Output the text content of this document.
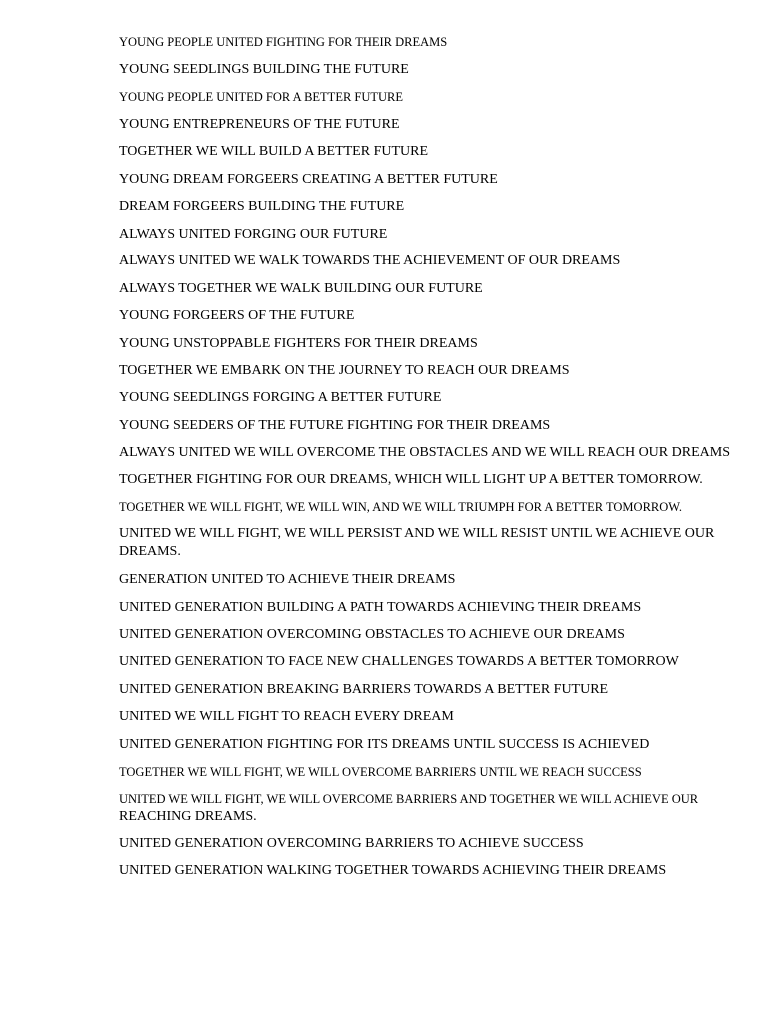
YOUNG PEOPLE UNITED FIGHTING FOR THEIR DREAMS
YOUNG SEEDLINGS BUILDING THE FUTURE
YOUNG PEOPLE UNITED FOR A BETTER FUTURE
YOUNG ENTREPRENEURS OF THE FUTURE
TOGETHER WE WILL BUILD A BETTER FUTURE
YOUNG DREAM FORGEERS CREATING A BETTER FUTURE
DREAM FORGEERS BUILDING THE FUTURE
ALWAYS UNITED FORGING OUR FUTURE
ALWAYS UNITED WE WALK TOWARDS THE ACHIEVEMENT OF OUR DREAMS
ALWAYS TOGETHER WE WALK BUILDING OUR FUTURE
YOUNG FORGEERS OF THE FUTURE
YOUNG UNSTOPPABLE FIGHTERS FOR THEIR DREAMS
TOGETHER WE EMBARK ON THE JOURNEY TO REACH OUR DREAMS
YOUNG SEEDLINGS FORGING A BETTER FUTURE
YOUNG SEEDERS OF THE FUTURE FIGHTING FOR THEIR DREAMS
ALWAYS UNITED WE WILL OVERCOME THE OBSTACLES AND WE WILL REACH OUR DREAMS
TOGETHER FIGHTING FOR OUR DREAMS, WHICH WILL LIGHT UP A BETTER TOMORROW.
TOGETHER WE WILL FIGHT, WE WILL WIN, AND WE WILL TRIUMPH FOR A BETTER TOMORROW.
UNITED WE WILL FIGHT, WE WILL PERSIST AND WE WILL RESIST UNTIL WE ACHIEVE OUR DREAMS.
GENERATION UNITED TO ACHIEVE THEIR DREAMS
UNITED GENERATION BUILDING A PATH TOWARDS ACHIEVING THEIR DREAMS
UNITED GENERATION OVERCOMING OBSTACLES TO ACHIEVE OUR DREAMS
UNITED GENERATION TO FACE NEW CHALLENGES TOWARDS A BETTER TOMORROW
UNITED GENERATION BREAKING BARRIERS TOWARDS A BETTER FUTURE
UNITED WE WILL FIGHT TO REACH EVERY DREAM
UNITED GENERATION FIGHTING FOR ITS DREAMS UNTIL SUCCESS IS ACHIEVED
TOGETHER WE WILL FIGHT, WE WILL OVERCOME BARRIERS UNTIL WE REACH SUCCESS
UNITED WE WILL FIGHT, WE WILL OVERCOME BARRIERS AND TOGETHER WE WILL ACHIEVE OUR
REACHING DREAMS.
UNITED GENERATION OVERCOMING BARRIERS TO ACHIEVE SUCCESS
UNITED GENERATION WALKING TOGETHER TOWARDS ACHIEVING THEIR DREAMS
